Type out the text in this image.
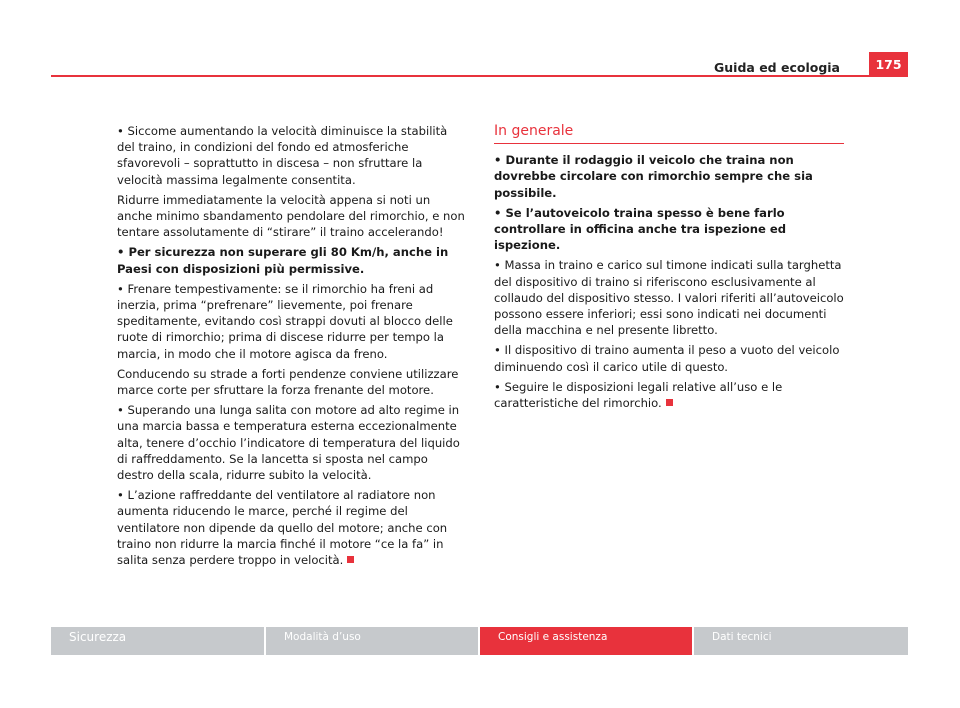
Guida ed ecologia	175

• Siccome aumentando la velocità diminuisce la stabilità del traino, in condizioni del fondo ed atmosferiche sfavorevoli – soprattutto in discesa – non sfruttare la velocità massima legalmente consentita.

Ridurre immediatamente la velocità appena si noti un anche minimo sbandamento pendolare del rimorchio, e non tentare assolutamente di “stirare” il traino accelerando!

• Per sicurezza non superare gli 80 Km/h, anche in Paesi con disposizioni più permissive.

• Frenare tempestivamente: se il rimorchio ha freni ad inerzia, prima “prefrenare” lievemente, poi frenare speditamente, evitando così strappi dovuti al blocco delle ruote di rimorchio; prima di discese ridurre per tempo la marcia, in modo che il motore agisca da freno.

Conducendo su strade a forti pendenze conviene utilizzare marce corte per sfruttare la forza frenante del motore.

• Superando una lunga salita con motore ad alto regime in una marcia bassa e temperatura esterna eccezionalmente alta, tenere d’occhio l’indicatore di temperatura del liquido di raffreddamento. Se la lancetta si sposta nel campo destro della scala, ridurre subito la velocità.

• L’azione raffreddante del ventilatore al radiatore non aumenta riducendo le marce, perché il regime del ventilatore non dipende da quello del motore; anche con traino non ridurre la marcia finché il motore “ce la fa” in salita senza perdere troppo in velocità.

In generale

• Durante il rodaggio il veicolo che traina non dovrebbe circolare con rimorchio sempre che sia possibile.

• Se l’autoveicolo traina spesso è bene farlo controllare in officina anche tra ispezione ed ispezione.

• Massa in traino e carico sul timone indicati sulla targhetta del dispositivo di traino si riferiscono esclusivamente al collaudo del dispositivo stesso. I valori riferiti all’autoveicolo possono essere inferiori; essi sono indicati nei documenti della macchina e nel presente libretto.

• Il dispositivo di traino aumenta il peso a vuoto del veicolo diminuendo così il carico utile di questo.

• Seguire le disposizioni legali relative all’uso e le caratteristiche del rimorchio.

Sicurezza	Modalità d’uso	Consigli e assistenza	Dati tecnici
